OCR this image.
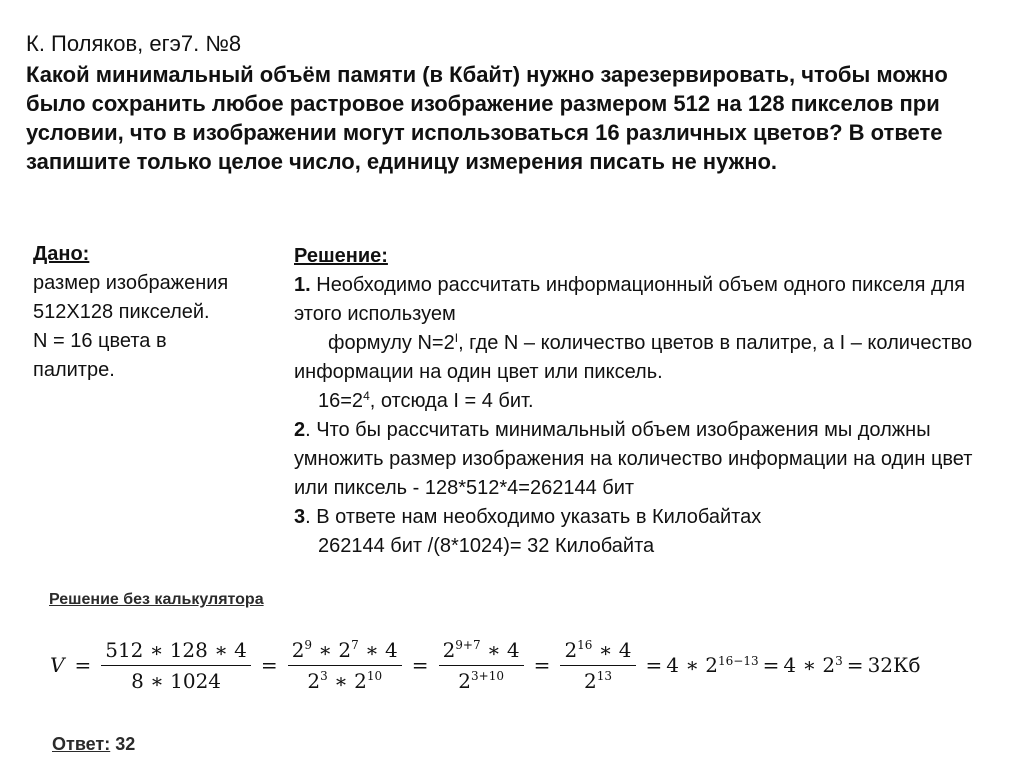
К. Поляков, егэ7. №8
Какой минимальный объём памяти (в Кбайт) нужно зарезервировать, чтобы можно было сохранить любое растровое изображение размером 512 на 128 пикселов при условии, что в изображении могут использоваться 16 различных цветов? В ответе запишите только целое число, единицу измерения писать не нужно.
Дано:
размер изображения
512X128 пикселей.
N = 16 цвета в
палитре.
Решение:
1. Необходимо рассчитать информационный объем одного пикселя для этого используем
формулу $N=2^I$, где N – количество цветов в палитре, а I – количество информации на один цвет или пиксель.
$16=2^4$, отсюда I = 4 бит.
2. Что бы рассчитать минимальный объем изображения мы должны умножить размер изображения на количество информации на один цвет или пиксель - 128*512*4=262144 бит
3. В ответе нам необходимо указать в Килобайтах
262144 бит /(8*1024)= 32 Килобайта
Решение без калькулятора
$V = \frac{512 ∗ 128 ∗ 4}{8 ∗ 1024} = \frac{2^9 ∗ 2^7 ∗ 4}{2^3 ∗ 2^{10}} = \frac{2^{9+7} ∗ 4}{2^{3+10}} = \frac{2^{16} ∗ 4}{2^{13}} = 4$ ∗ $2^{16-13} = 4$ ∗ $2^3 = 32Кб$
Ответ: 32
